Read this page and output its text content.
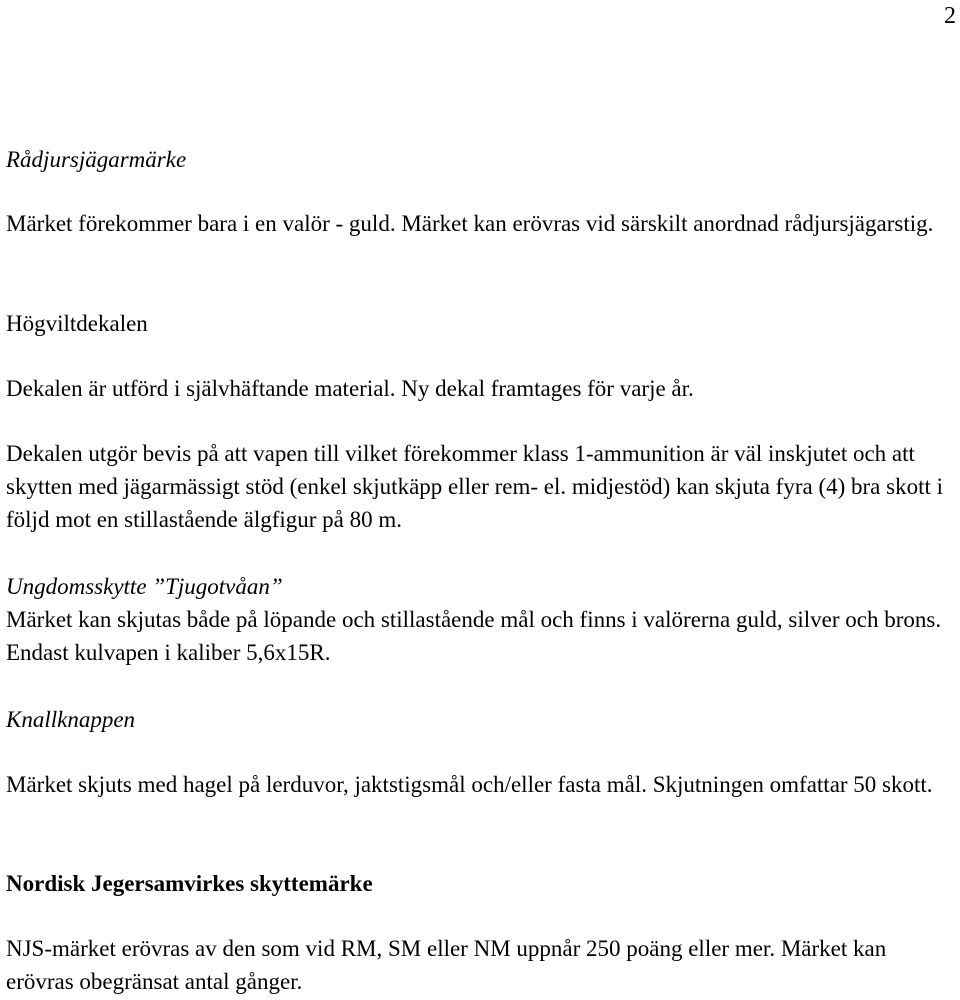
2
Rådjursjägarmärke

Märket förekommer bara i en valör - guld. Märket kan erövras vid särskilt anordnad rådjursjägarstig.

Högviltdekalen

Dekalen är utförd i självhäftande material. Ny dekal framtages för varje år.

Dekalen utgör bevis på att vapen till vilket förekommer klass 1-ammunition är väl inskjutet och att skytten med jägarmässigt stöd (enkel skjutkäpp eller rem- el. midjestöd) kan skjuta fyra (4) bra skott i följd mot en stillastående älgfigur på 80 m.

Ungdomsskytte ”Tjugotvåan”

Märket kan skjutas både på löpande och stillastående mål och finns i valörerna guld, silver och brons. Endast kulvapen i kaliber 5,6x15R.

Knallknappen

Märket skjuts med hagel på lerduvor, jaktstigsmål och/eller fasta mål. Skjutningen omfattar 50 skott.

Nordisk Jegersamvirkes skyttemärke

NJS-märket erövras av den som vid RM, SM eller NM uppnår 250 poäng eller mer. Märket kan erövras obegränsat antal gånger.
